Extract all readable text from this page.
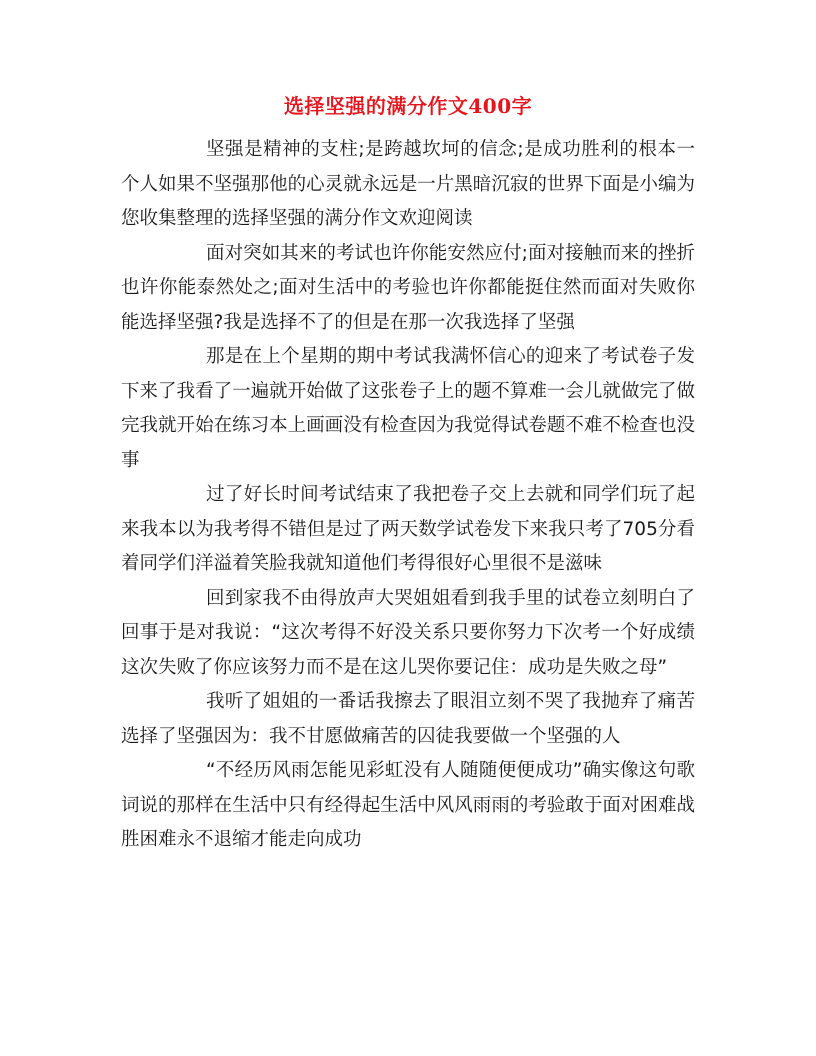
选择坚强的满分作文400字

坚强是精神的支柱;是跨越坎坷的信念;是成功胜利的根本一个人如果不坚强那他的心灵就永远是一片黑暗沉寂的世界下面是小编为您收集整理的选择坚强的满分作文欢迎阅读

面对突如其来的考试也许你能安然应付;面对接触而来的挫折也许你能泰然处之;面对生活中的考验也许你都能挺住然而面对失败你能选择坚强?我是选择不了的但是在那一次我选择了坚强

那是在上个星期的期中考试我满怀信心的迎来了考试卷子发下来了我看了一遍就开始做了这张卷子上的题不算难一会儿就做完了做完我就开始在练习本上画画没有检查因为我觉得试卷题不难不检查也没事

过了好长时间考试结束了我把卷子交上去就和同学们玩了起来我本以为我考得不错但是过了两天数学试卷发下来我只考了705分看着同学们洋溢着笑脸我就知道他们考得很好心里很不是滋味

回到家我不由得放声大哭姐姐看到我手里的试卷立刻明白了回事于是对我说：“这次考得不好没关系只要你努力下次考一个好成绩这次失败了你应该努力而不是在这儿哭你要记住：成功是失败之母”

我听了姐姐的一番话我擦去了眼泪立刻不哭了我抛弃了痛苦选择了坚强因为：我不甘愿做痛苦的囚徒我要做一个坚强的人

“不经历风雨怎能见彩虹没有人随随便便成功”确实像这句歌词说的那样在生活中只有经得起生活中风风雨雨的考验敢于面对困难战胜困难永不退缩才能走向成功
